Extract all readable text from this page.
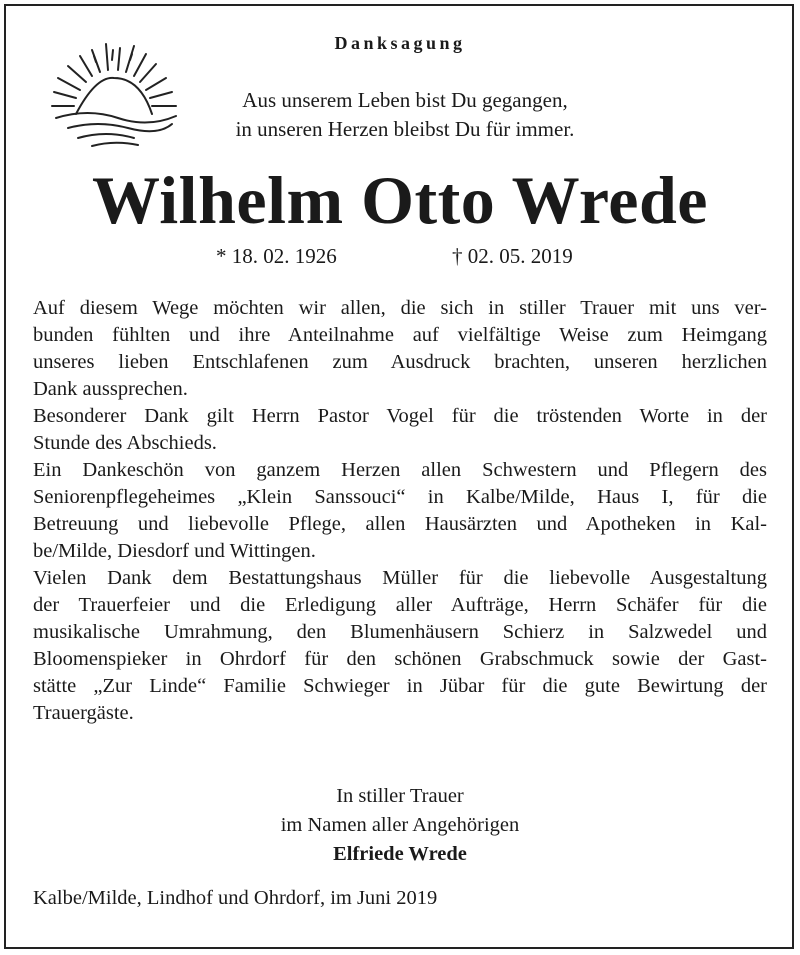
Danksagung
Aus unserem Leben bist Du gegangen,
in unseren Herzen bleibst Du für immer.
Wilhelm Otto Wrede
* 18. 02. 1926	† 02. 05. 2019
Auf diesem Wege möchten wir allen, die sich in stiller Trauer mit uns ver-
bunden fühlten und ihre Anteilnahme auf vielfältige Weise zum Heimgang
unseres lieben Entschlafenen zum Ausdruck brachten, unseren herzlichen
Dank aussprechen.
Besonderer Dank gilt Herrn Pastor Vogel für die tröstenden Worte in der
Stunde des Abschieds.
Ein Dankeschön von ganzem Herzen allen Schwestern und Pflegern des
Seniorenpflegeheimes „Klein Sanssouci“ in Kalbe/Milde, Haus I, für die
Betreuung und liebevolle Pflege, allen Hausärzten und Apotheken in Kal-
be/Milde, Diesdorf und Wittingen.
Vielen Dank dem Bestattungshaus Müller für die liebevolle Ausgestaltung
der Trauerfeier und die Erledigung aller Aufträge, Herrn Schäfer für die
musikalische Umrahmung, den Blumenhäusern Schierz in Salzwedel und
Bloomenspieker in Ohrdorf für den schönen Grabschmuck sowie der Gast-
stätte „Zur Linde“ Familie Schwieger in Jübar für die gute Bewirtung der
Trauergäste.
In stiller Trauer
im Namen aller Angehörigen
Elfriede Wrede
Kalbe/Milde, Lindhof und Ohrdorf, im Juni 2019
